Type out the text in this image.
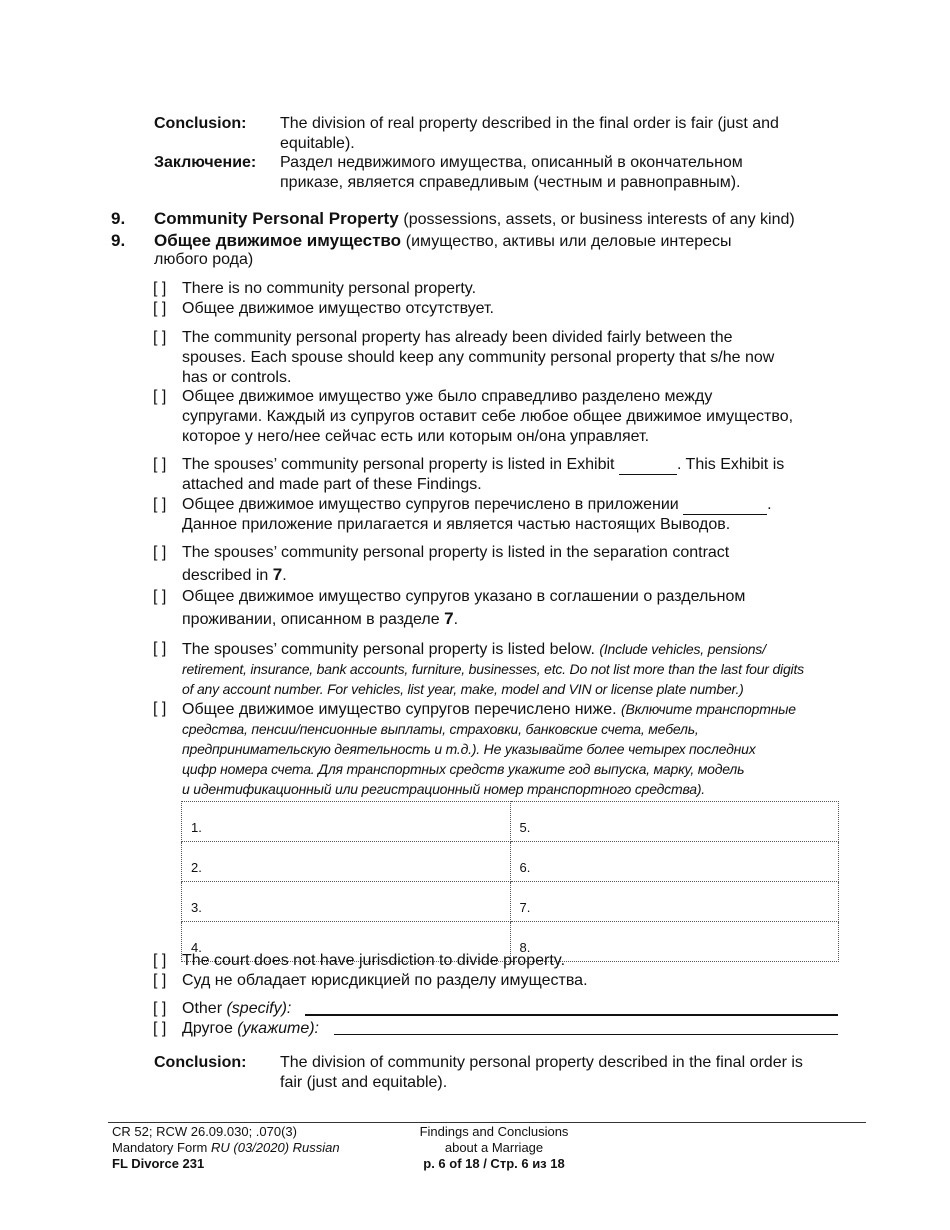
Conclusion: The division of real property described in the final order is fair (just and equitable).
Заключение: Раздел недвижимого имущества, описанный в окончательном приказе, является справедливым (честным и равноправным).
9. Community Personal Property (possessions, assets, or business interests of any kind)
9. Общее движимое имущество (имущество, активы или деловые интересы
любого рода)
[ ] There is no community personal property.
[ ] Общее движимое имущество отсутствует.
[ ] The community personal property has already been divided fairly between the
spouses. Each spouse should keep any community personal property that s/he now
has or controls.
[ ] Общее движимое имущество уже было справедливо разделено между
супругами. Каждый из супругов оставит себе любое общее движимое имущество,
которое у него/нее сейчас есть или которым он/она управляет.
[ ] The spouses’ community personal property is listed in Exhibit	. This Exhibit is
attached and made part of these Findings.
[ ] Общее движимое имущество супругов перечислено в приложении	.
Данное приложение прилагается и является частью настоящих Выводов.
[ ] The spouses’ community personal property is listed in the separation contract
described in 7.
[ ] Общее движимое имущество супругов указано в соглашении о раздельном
проживании, описанном в разделе 7.
[ ] The spouses’ community personal property is listed below. (Include vehicles, pensions/
retirement, insurance, bank accounts, furniture, businesses, etc. Do not list more than the last four digits
of any account number. For vehicles, list year, make, model and VIN or license plate number.)
[ ] Общее движимое имущество супругов перечислено ниже. (Включите транспортные
средства, пенсии/пенсионные выплаты, страховки, банковские счета, мебель,
предпринимательскую деятельность и т.д.). Не указывайте более четырех последних
цифр номера счета. Для транспортных средств укажите год выпуска, марку, модель
и идентификационный или регистрационный номер транспортного средства).
1.	5.
2.	6.
3.	7.
4.	8.
[ ] The court does not have jurisdiction to divide property.
[ ] Суд не обладает юрисдикцией по разделу имущества.
[ ] Other (specify):
[ ] Другое (укажите):
Conclusion: The division of community personal property described in the final order is
fair (just and equitable).
CR 52; RCW 26.09.030; .070(3)
Mandatory Form RU (03/2020) Russian
FL Divorce 231
Findings and Conclusions
about a Marriage
p. 6 of 18 / Стр. 6 из 18
